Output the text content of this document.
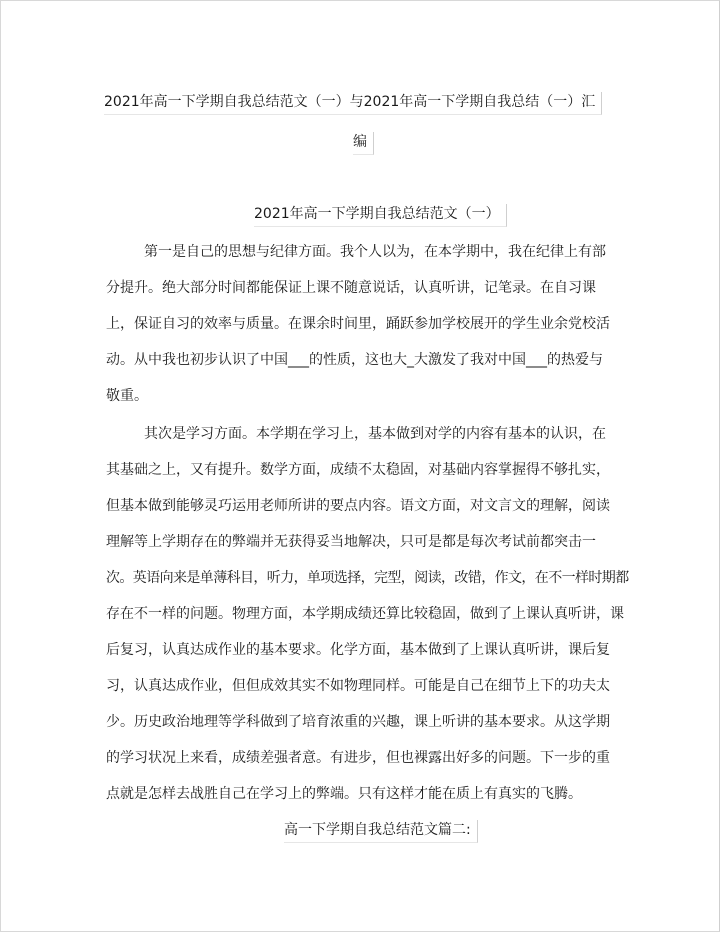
2021年高一下学期自我总结范文（一）与2021年高一下学期自我总结（一）汇
编
2021年高一下学期自我总结范文（一）
第一是自己的思想与纪律方面。我个人以为，在本学期中，我在纪律上有部
分提升。绝大部分时间都能保证上课不随意说话，认真听讲，记笔录。在自习课
上，保证自习的效率与质量。在课余时间里，踊跃参加学校展开的学生业余党校活
动。从中我也初步认识了中国___的性质，这也大_大激发了我对中国___的热爱与
敬重。
其次是学习方面。本学期在学习上，基本做到对学的内容有基本的认识，在
其基础之上，又有提升。数学方面，成绩不太稳固，对基础内容掌握得不够扎实，
但基本做到能够灵巧运用老师所讲的要点内容。语文方面，对文言文的理解，阅读
理解等上学期存在的弊端并无获得妥当地解决，只可是都是每次考试前都突击一
次。英语向来是单薄科目，听力，单项选择，完型，阅读，改错，作文，在不一样时期都
存在不一样的问题。物理方面，本学期成绩还算比较稳固，做到了上课认真听讲，课
后复习，认真达成作业的基本要求。化学方面，基本做到了上课认真听讲，课后复
习，认真达成作业，但但成效其实不如物理同样。可能是自己在细节上下的功夫太
少。历史政治地理等学科做到了培育浓重的兴趣，课上听讲的基本要求。从这学期
的学习状况上来看，成绩差强者意。有进步，但也裸露出好多的问题。下一步的重
点就是怎样去战胜自己在学习上的弊端。只有这样才能在质上有真实的飞腾。
高一下学期自我总结范文篇二:
